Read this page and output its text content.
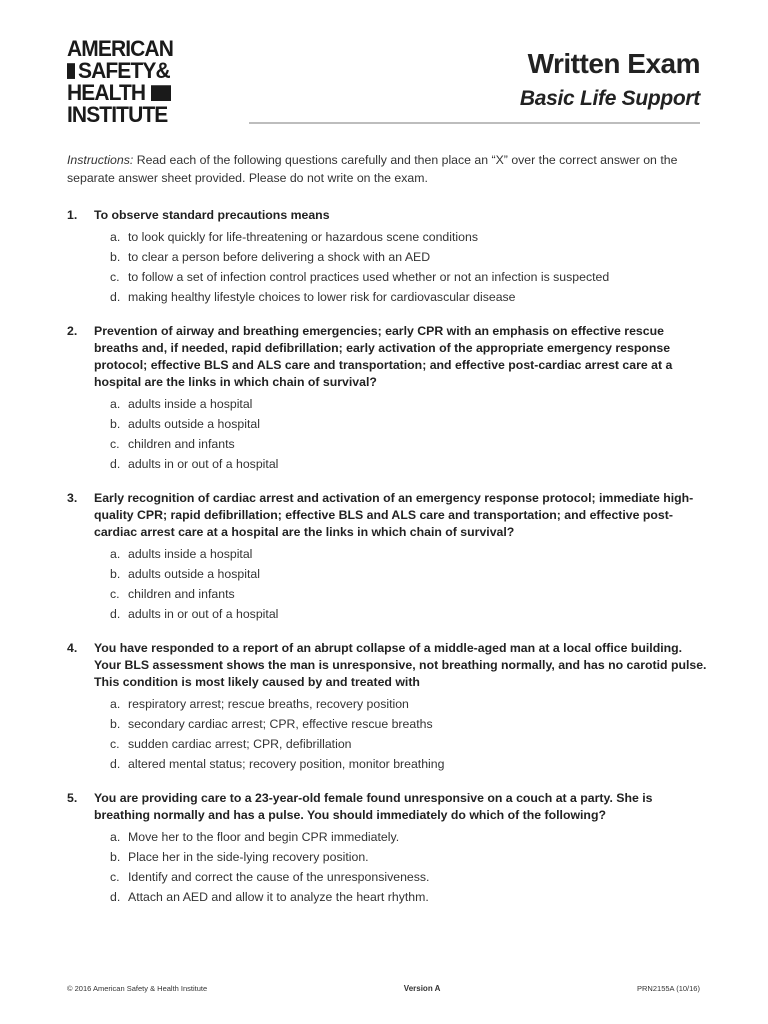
AMERICAN
SAFETY&
HEALTH
INSTITUTE
Written Exam
Basic Life Support
Instructions: Read each of the following questions carefully and then place an “X” over the correct answer on the separate answer sheet provided. Please do not write on the exam.
1.	To observe standard precautions means
a. to look quickly for life-threatening or hazardous scene conditions
b. to clear a person before delivering a shock with an AED
c. to follow a set of infection control practices used whether or not an infection is suspected
d. making healthy lifestyle choices to lower risk for cardiovascular disease
2.	Prevention of airway and breathing emergencies; early CPR with an emphasis on effective rescue breaths and, if needed, rapid defibrillation; early activation of the appropriate emergency response protocol; effective BLS and ALS care and transportation; and effective post-cardiac arrest care at a hospital are the links in which chain of survival?
a. adults inside a hospital
b. adults outside a hospital
c. children and infants
d. adults in or out of a hospital
3.	Early recognition of cardiac arrest and activation of an emergency response protocol; immediate high-quality CPR; rapid defibrillation; effective BLS and ALS care and transportation; and effective post-cardiac arrest care at a hospital are the links in which chain of survival?
a. adults inside a hospital
b. adults outside a hospital
c. children and infants
d. adults in or out of a hospital
4.	You have responded to a report of an abrupt collapse of a middle-aged man at a local office building. Your BLS assessment shows the man is unresponsive, not breathing normally, and has no carotid pulse. This condition is most likely caused by and treated with
a. respiratory arrest; rescue breaths, recovery position
b. secondary cardiac arrest; CPR, effective rescue breaths
c. sudden cardiac arrest; CPR, defibrillation
d. altered mental status; recovery position, monitor breathing
5.	You are providing care to a 23-year-old female found unresponsive on a couch at a party. She is breathing normally and has a pulse. You should immediately do which of the following?
a. Move her to the floor and begin CPR immediately.
b. Place her in the side-lying recovery position.
c. Identify and correct the cause of the unresponsiveness.
d. Attach an AED and allow it to analyze the heart rhythm.
© 2016 American Safety & Health Institute	Version A	PRN2155A (10/16)
